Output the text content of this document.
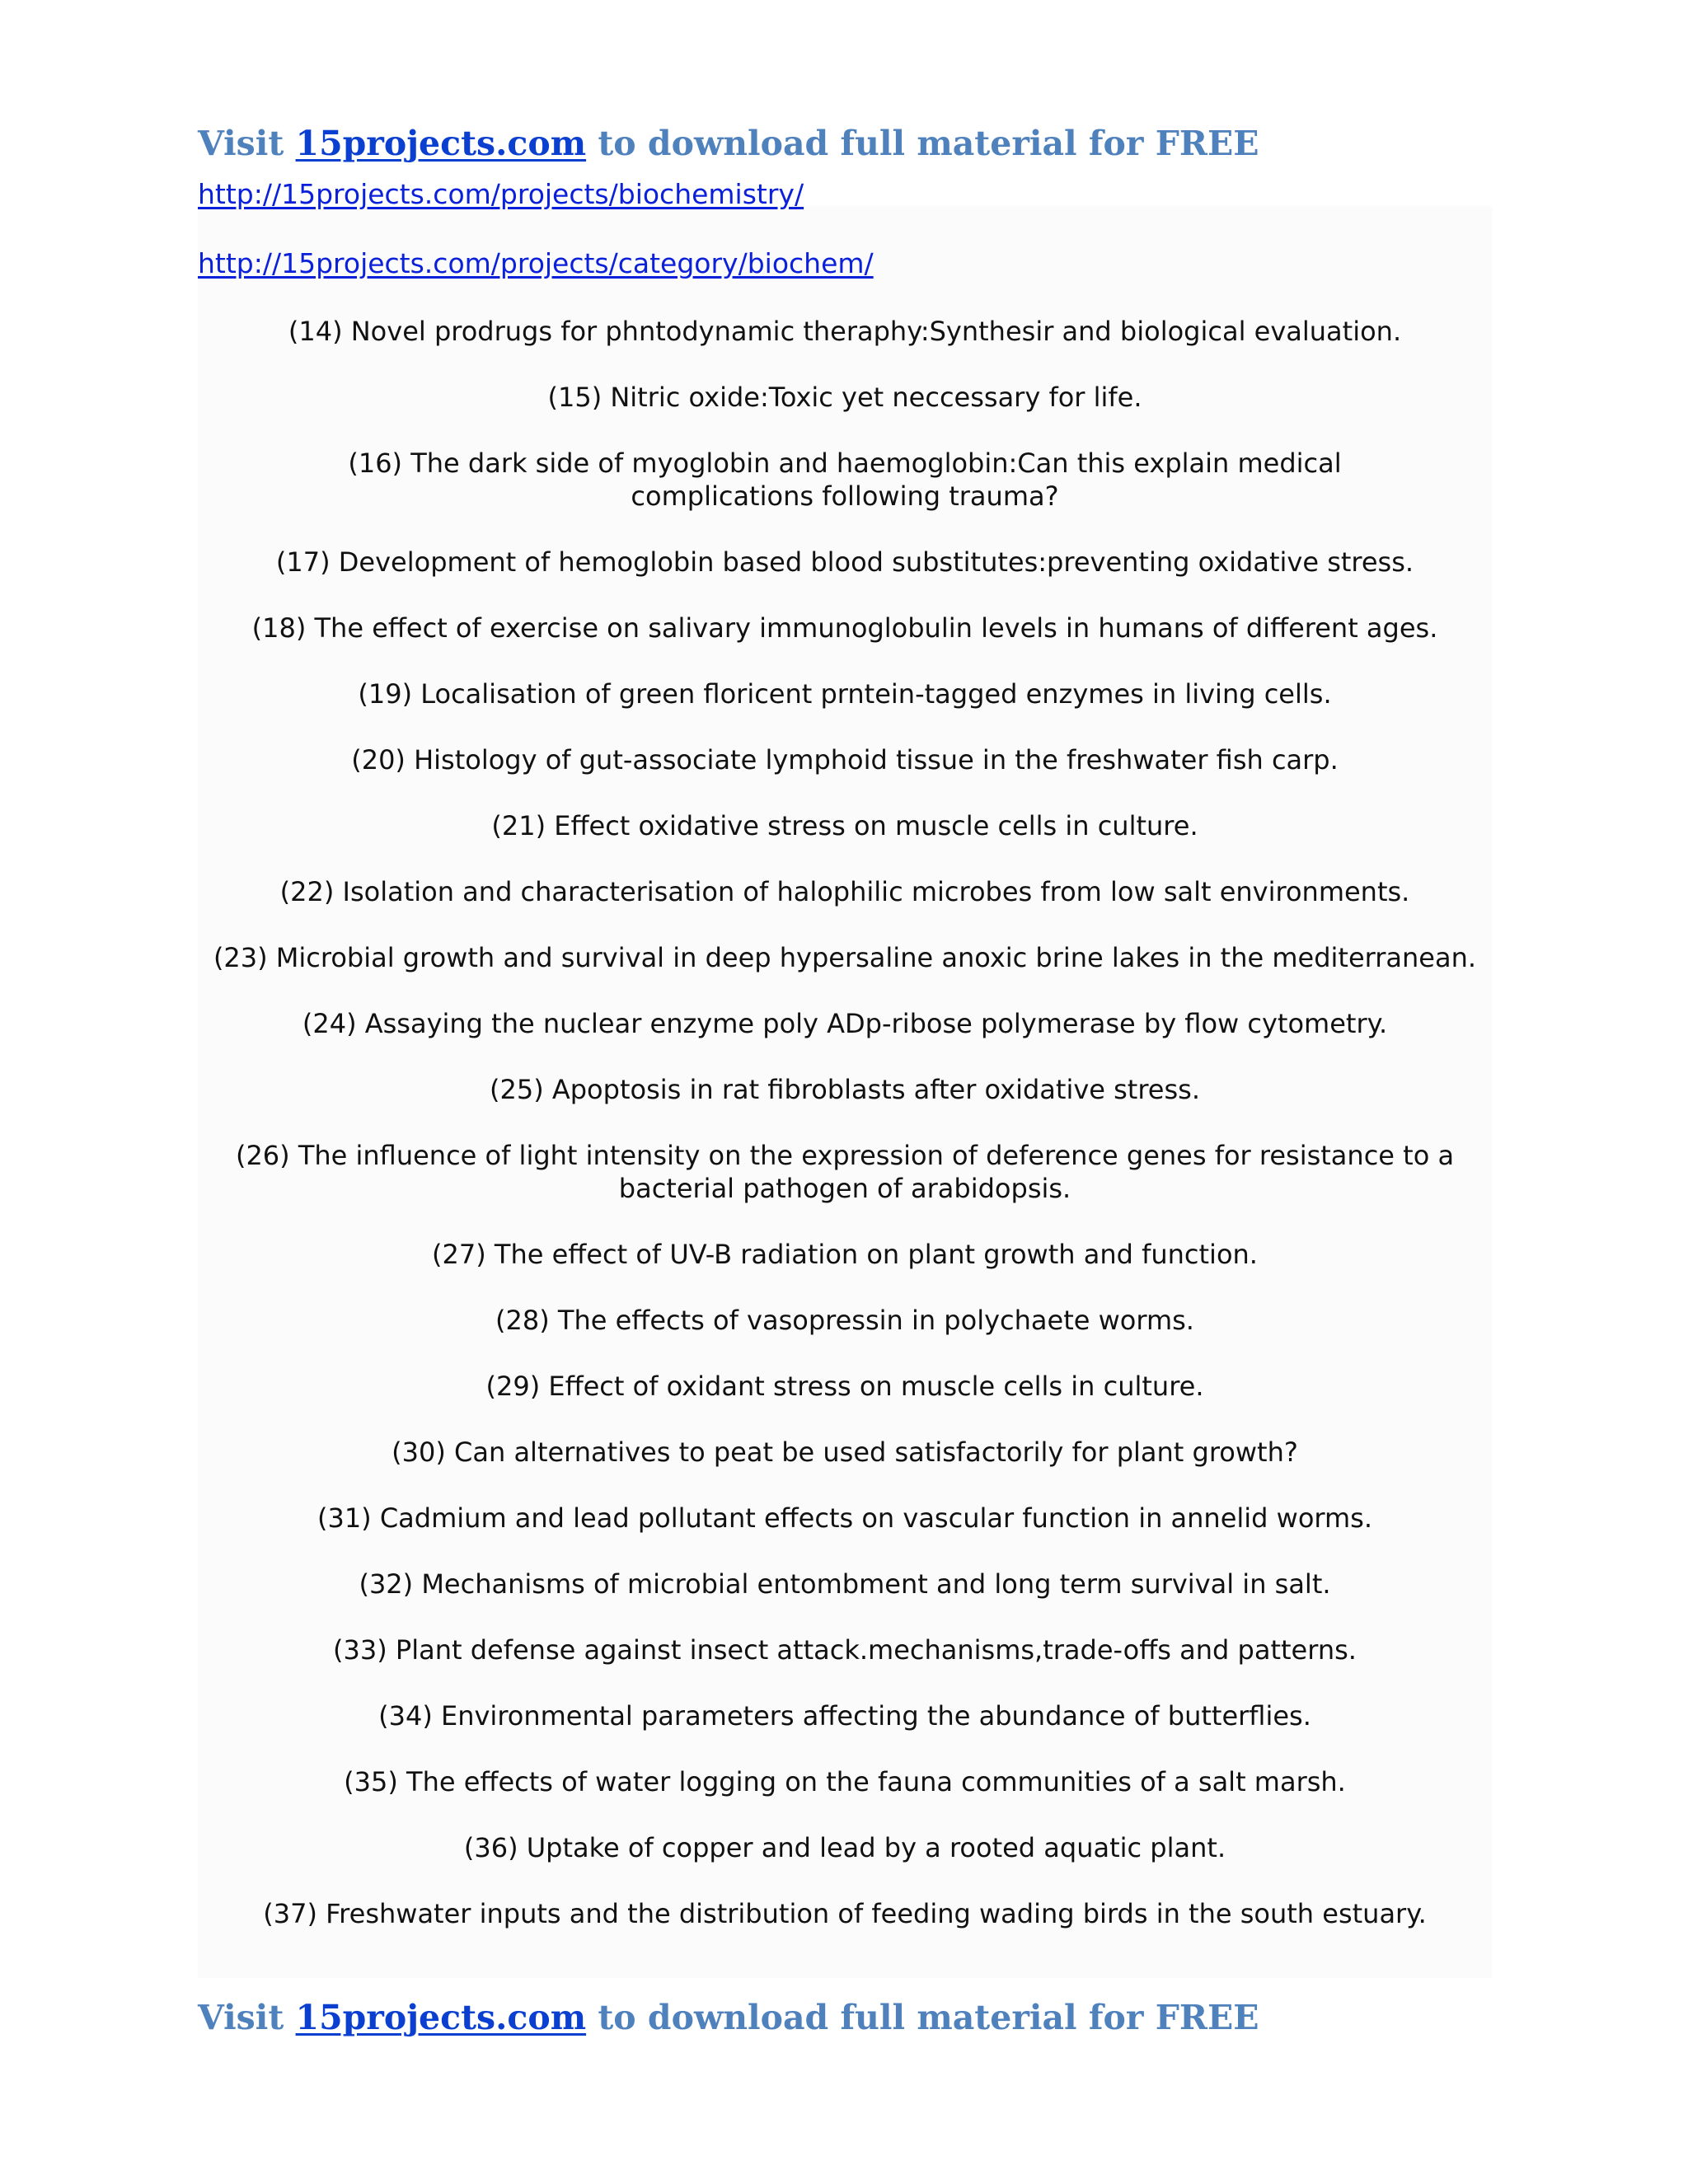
Visit 15projects.com to download full material for FREE
http://15projects.com/projects/biochemistry/
http://15projects.com/projects/category/biochem/

(14) Novel prodrugs for phntodynamic theraphy:Synthesir and biological evaluation.

(15) Nitric oxide:Toxic yet neccessary for life.

(16) The dark side of myoglobin and haemoglobin:Can this explain medical complications following trauma?

(17) Development of hemoglobin based blood substitutes:preventing oxidative stress.

(18) The effect of exercise on salivary immunoglobulin levels in humans of different ages.

(19) Localisation of green floricent prntein-tagged enzymes in living cells.

(20) Histology of gut-associate lymphoid tissue in the freshwater fish carp.

(21) Effect oxidative stress on muscle cells in culture.

(22) Isolation and characterisation of halophilic microbes from low salt environments.

(23) Microbial growth and survival in deep hypersaline anoxic brine lakes in the mediterranean.

(24) Assaying the nuclear enzyme poly ADp-ribose polymerase by flow cytometry.

(25) Apoptosis in rat fibroblasts after oxidative stress.

(26) The influence of light intensity on the expression of deference genes for resistance to a bacterial pathogen of arabidopsis.

(27) The effect of UV-B radiation on plant growth and function.

(28) The effects of vasopressin in polychaete worms.

(29) Effect of oxidant stress on muscle cells in culture.

(30) Can alternatives to peat be used satisfactorily for plant growth?

(31) Cadmium and lead pollutant effects on vascular function in annelid worms.

(32) Mechanisms of microbial entombment and long term survival in salt.

(33) Plant defense against insect attack.mechanisms,trade-offs and patterns.

(34) Environmental parameters affecting the abundance of butterflies.

(35) The effects of water logging on the fauna communities of a salt marsh.

(36) Uptake of copper and lead by a rooted aquatic plant.

(37) Freshwater inputs and the distribution of feeding wading birds in the south estuary.

Visit 15projects.com to download full material for FREE
